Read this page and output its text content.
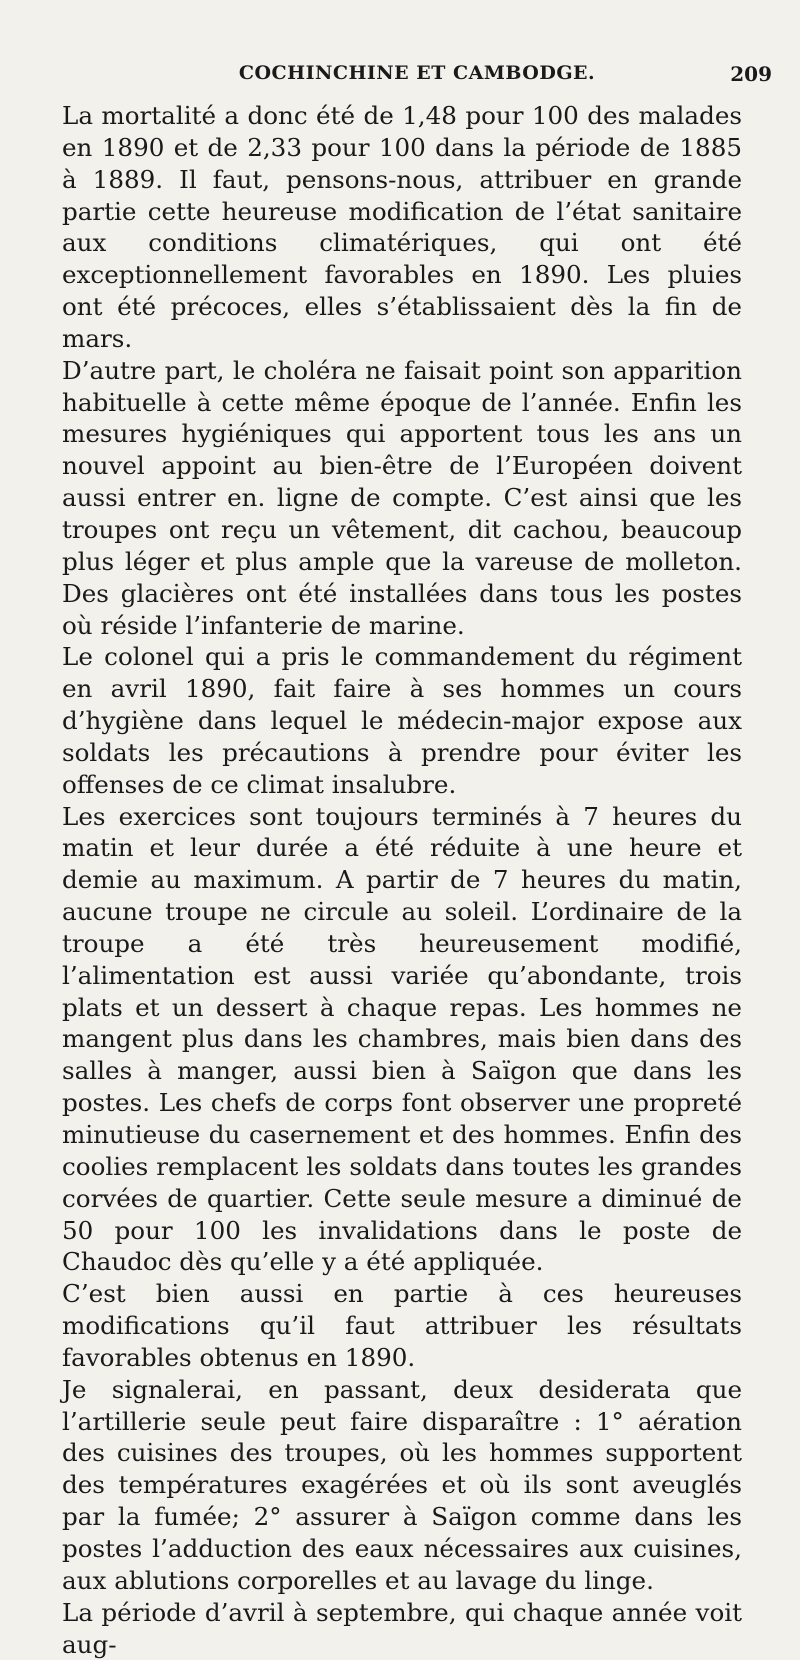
COCHINCHINE ET CAMBODGE.	209

La mortalité a donc été de 1,48 pour 100 des malades en 1890 et de 2,33 pour 100 dans la période de 1885 à 1889. Il faut, pensons-nous, attribuer en grande partie cette heureuse modification de l’état sanitaire aux conditions climatériques, qui ont été exceptionnellement favorables en 1890. Les pluies ont été précoces, elles s’établissaient dès la fin de mars.

D’autre part, le choléra ne faisait point son apparition habituelle à cette même époque de l’année. Enfin les mesures hygiéniques qui apportent tous les ans un nouvel appoint au bien-être de l’Européen doivent aussi entrer en. ligne de compte. C’est ainsi que les troupes ont reçu un vêtement, dit cachou, beaucoup plus léger et plus ample que la vareuse de molleton. Des glacières ont été installées dans tous les postes où réside l’infanterie de marine.

Le colonel qui a pris le commandement du régiment en avril 1890, fait faire à ses hommes un cours d’hygiène dans lequel le médecin-major expose aux soldats les précautions à prendre pour éviter les offenses de ce climat insalubre.

Les exercices sont toujours terminés à 7 heures du matin et leur durée a été réduite à une heure et demie au maximum. A partir de 7 heures du matin, aucune troupe ne circule au soleil. L’ordinaire de la troupe a été très heureusement modifié, l’alimentation est aussi variée qu’abondante, trois plats et un dessert à chaque repas. Les hommes ne mangent plus dans les chambres, mais bien dans des salles à manger, aussi bien à Saïgon que dans les postes. Les chefs de corps font observer une propreté minutieuse du casernement et des hommes. Enfin des coolies remplacent les soldats dans toutes les grandes corvées de quartier. Cette seule mesure a diminué de 50 pour 100 les invalidations dans le poste de Chaudoc dès qu’elle y a été appliquée.

C’est bien aussi en partie à ces heureuses modifications qu’il faut attribuer les résultats favorables obtenus en 1890.

Je signalerai, en passant, deux desiderata que l’artillerie seule peut faire disparaître : 1° aération des cuisines des troupes, où les hommes supportent des températures exagérées et où ils sont aveuglés par la fumée; 2° assurer à Saïgon comme dans les postes l’adduction des eaux nécessaires aux cuisines, aux ablutions corporelles et au lavage du linge.

La période d’avril à septembre, qui chaque année voit aug-
